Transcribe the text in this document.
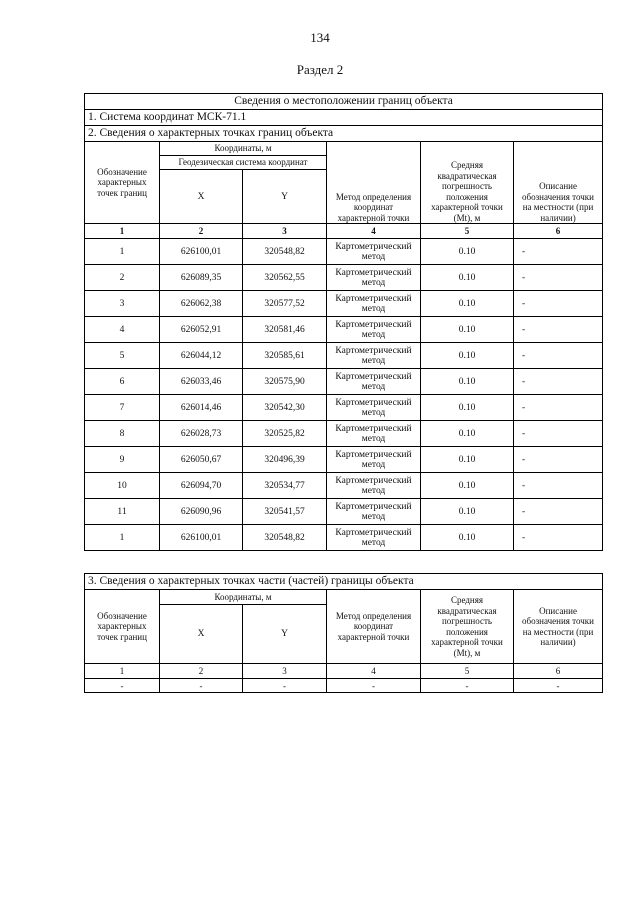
134
Раздел 2
Сведения о местоположении границ объекта					
1. Система координат МСК-71.1					
2. Сведения о характерных точках границ объекта					
Обозначение характерных точек границ	Координаты, м		Метод определения координат характерной точки	Средняя квадратическая погрешность положения характерной точки (Mt), м	Описание обозначения точки на местности (при наличии)
	Геодезическая система координат				
	X	Y			
1	2	3	4	5	6
1	626100,01	320548,82	Картометрический метод	0.10	-
2	626089,35	320562,55	Картометрический метод	0.10	-
3	626062,38	320577,52	Картометрический метод	0.10	-
4	626052,91	320581,46	Картометрический метод	0.10	-
5	626044,12	320585,61	Картометрический метод	0.10	-
6	626033,46	320575,90	Картометрический метод	0.10	-
7	626014,46	320542,30	Картометрический метод	0.10	-
8	626028,73	320525,82	Картометрический метод	0.10	-
9	626050,67	320496,39	Картометрический метод	0.10	-
10	626094,70	320534,77	Картометрический метод	0.10	-
11	626090,96	320541,57	Картометрический метод	0.10	-
1	626100,01	320548,82	Картометрический метод	0.10	-
3. Сведения о характерных точках части (частей) границы объекта					
Обозначение характерных точек границ	Координаты, м		Метод определения координат характерной точки	Средняя квадратическая погрешность положения характерной точки (Mt), м	Описание обозначения точки на местности (при наличии)
	X	Y			
1	2	3	4	5	6
-	-	-	-	-	-
